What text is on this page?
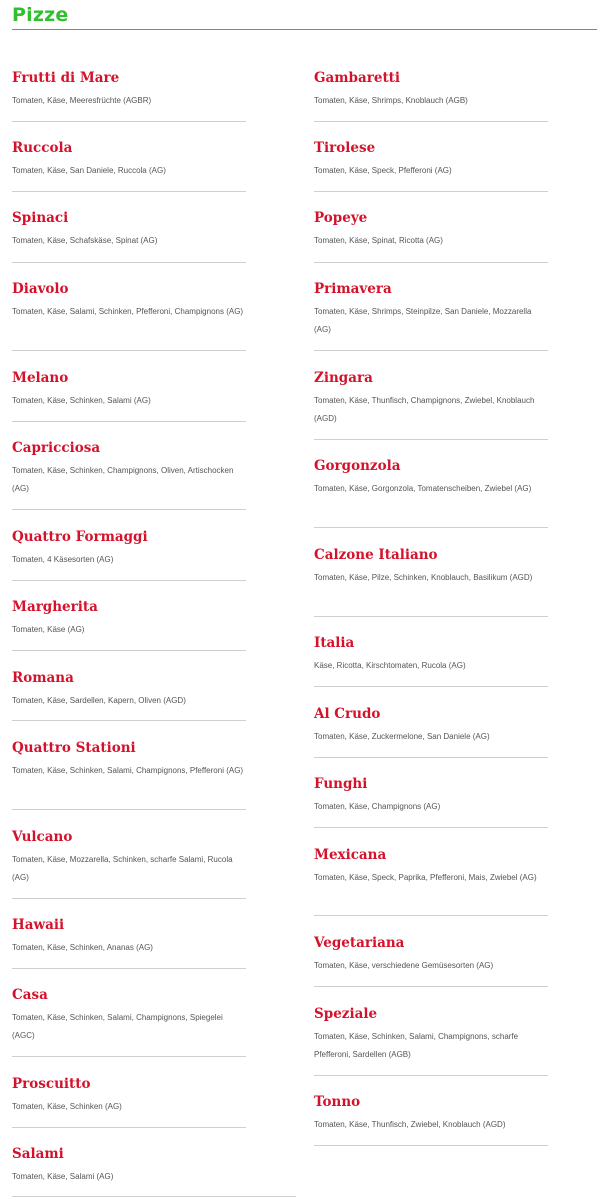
Pizze
Frutti di Mare
Tomaten, Käse, Meeresfrüchte (AGBR)
Ruccola
Tomaten, Käse, San Daniele, Ruccola (AG)
Spinaci
Tomaten, Käse, Schafskäse, Spinat (AG)
Diavolo
Tomaten, Käse, Salami, Schinken, Pfefferoni, Champignons (AG)
Melano
Tomaten, Käse, Schinken, Salami (AG)
Capricciosa
Tomaten, Käse, Schinken, Champignons, Oliven, Artischocken (AG)
Quattro Formaggi
Tomaten, 4 Käsesorten (AG)
Margherita
Tomaten, Käse (AG)
Romana
Tomaten, Käse, Sardellen, Kapern, Oliven (AGD)
Quattro Stationi
Tomaten, Käse, Schinken, Salami, Champignons, Pfefferoni (AG)
Vulcano
Tomaten, Käse, Mozzarella, Schinken, scharfe Salami, Rucola (AG)
Hawaii
Tomaten, Käse, Schinken, Ananas (AG)
Casa
Tomaten, Käse, Schinken, Salami, Champignons, Spiegelei (AGC)
Proscuitto
Tomaten, Käse, Schinken (AG)
Salami
Tomaten, Käse, Salami (AG)
Gambaretti
Tomaten, Käse, Shrimps, Knoblauch (AGB)
Tirolese
Tomaten, Käse, Speck, Pfefferoni (AG)
Popeye
Tomaten, Käse, Spinat, Ricotta (AG)
Primavera
Tomaten, Käse, Shrimps, Steinpilze, San Daniele, Mozzarella (AG)
Zingara
Tomaten, Käse, Thunfisch, Champignons, Zwiebel, Knoblauch (AGD)
Gorgonzola
Tomaten, Käse, Gorgonzola, Tomatenscheiben, Zwiebel (AG)
Calzone Italiano
Tomaten, Käse, Pilze, Schinken, Knoblauch, Basilikum (AGD)
Italia
Käse, Ricotta, Kirschtomaten, Rucola (AG)
Al Crudo
Tomaten, Käse, Zuckermelone, San Daniele (AG)
Funghi
Tomaten, Käse, Champignons (AG)
Mexicana
Tomaten, Käse, Speck, Paprika, Pfefferoni, Mais, Zwiebel (AG)
Vegetariana
Tomaten, Käse, verschiedene Gemüsesorten (AG)
Speziale
Tomaten, Käse, Schinken, Salami, Champignons, scharfe Pfefferoni, Sardellen (AGB)
Tonno
Tomaten, Käse, Thunfisch, Zwiebel, Knoblauch (AGD)
